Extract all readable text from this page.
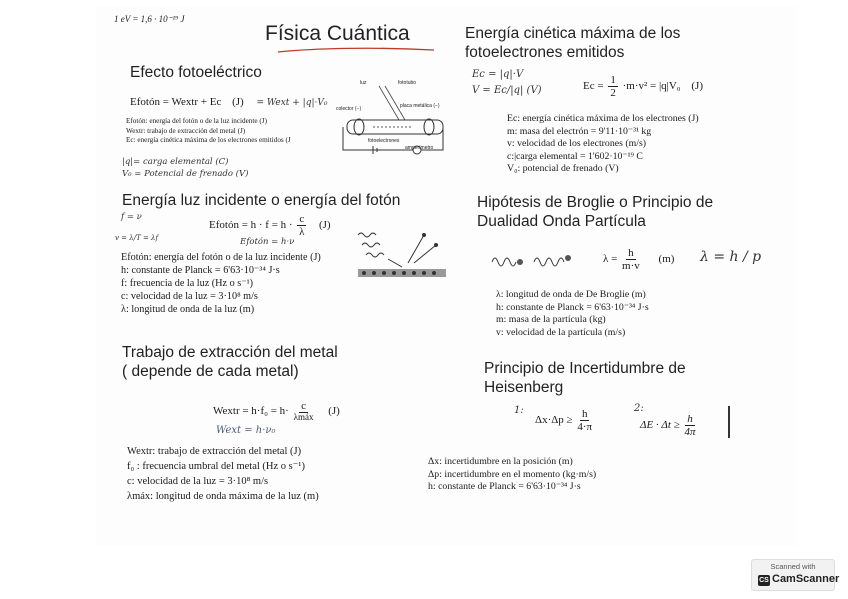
1 eV = 1,6 · 10⁻¹⁹ J
Física Cuántica
Efecto fotoeléctrico
Efotón = Wextr + Ec (J) = Wext + |q|·V₀
Efotón: energía del fotón o de la luz incidente (J)
Wextr: trabajo de extracción del metal (J)
Ec: energía cinética máxima de los electrones emitidos (J
|q|= carga elemental (C)
V₀ = Potencial de frenado (V)
luz	fototubo
placa metálica (−)
colector (−)
fotoelectrones
amperímetro
Energía luz incidente o energía del fotón
f = ν
v = λ/T = λf
Efotón = $h \cdot f = h \cdot \frac{c}{\lambda} (J)$
Efotón = h·ν
Efotón: energía del fotón o de la luz incidente (J)
h: constante de Planck = 6'63·10⁻³⁴ J·s
f: frecuencia de la luz (Hz o s⁻¹)
c: velocidad de la luz = 3·10⁸ m/s
λ: longitud de onda de la luz (m)
Trabajo de extracción del metal
( depende de cada metal)
Wextr = $h\cdot f_0 = h\cdot \frac{c}{\text{λmáx}} (J)$
Wext = h·ν₀
Wextr: trabajo de extracción del metal (J)
f₀ : frecuencia umbral del metal (Hz o s⁻¹)
c: velocidad de la luz = 3·10⁸ m/s
λmáx: longitud de onda máxima de la luz (m)
Energía cinética máxima de los
fotoelectrones emitidos
Ec = |q|·V
V = Ec/|q| (V)	$Ec = \frac{1}{2} \cdot m\cdot v^2 = |q|V_0$ (J)
Ec: energía cinética máxima de los electrones (J)
m: masa del electrón = 9'11·10⁻³¹ kg
v: velocidad de los electrones (m/s)
c:|carga elemental = 1'602·10⁻¹⁹ C
V₀: potencial de frenado (V)
Hipótesis de Broglie o Principio de
Dualidad Onda Partícula
$\lambda = \frac{h}{m\cdot v} (m) \lambda = h / p$
λ: longitud de onda de De Broglie (m)
h: constante de Planck = 6'63·10⁻³⁴ J·s
m: masa de la partícula (kg)
v: velocidad de la partícula (m/s)
Principio de Incertidumbre de
Heisenberg
1:
$\Delta x\cdot\Delta p \ge \frac{h}{4\cdot\pi}$	2:
$\Delta E \cdot \Delta t \ge \frac{h}{4\pi}$
Δx: incertidumbre en la posición (m)
Δp: incertidumbre en el momento (kg·m/s)
h: constante de Planck = 6'63·10⁻³⁴ J·s
Scanned with
CS CamScanner
